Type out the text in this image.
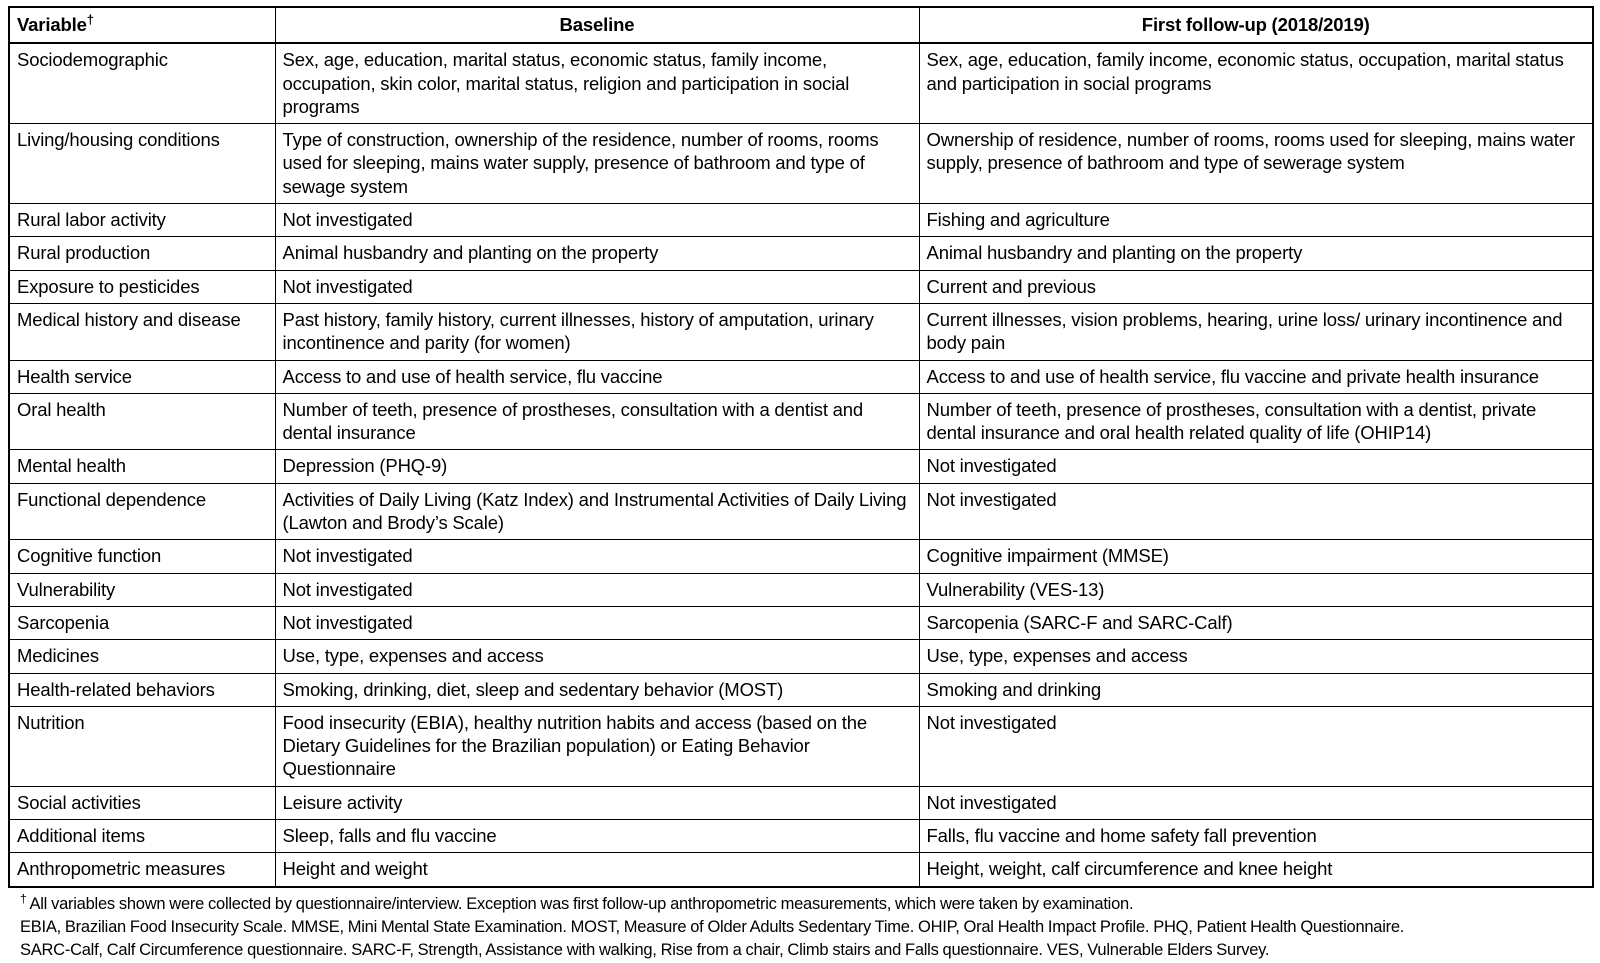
Variable†	Baseline	First follow-up (2018/2019)
Sociodemographic	Sex, age, education, marital status, economic status, family income, occupation, skin color, marital status, religion and participation in social programs	Sex, age, education, family income, economic status, occupation, marital status and participation in social programs
Living/housing conditions	Type of construction, ownership of the residence, number of rooms, rooms used for sleeping, mains water supply, presence of bathroom and type of sewage system	Ownership of residence, number of rooms, rooms used for sleeping, mains water supply, presence of bathroom and type of sewerage system
Rural labor activity	Not investigated	Fishing and agriculture
Rural production	Animal husbandry and planting on the property	Animal husbandry and planting on the property
Exposure to pesticides	Not investigated	Current and previous
Medical history and disease	Past history, family history, current illnesses, history of amputation, urinary incontinence and parity (for women)	Current illnesses, vision problems, hearing, urine loss/ urinary incontinence and body pain
Health service	Access to and use of health service, flu vaccine	Access to and use of health service, flu vaccine and private health insurance
Oral health	Number of teeth, presence of prostheses, consultation with a dentist and dental insurance	Number of teeth, presence of prostheses, consultation with a dentist, private dental insurance and oral health related quality of life (OHIP14)
Mental health	Depression (PHQ-9)	Not investigated
Functional dependence	Activities of Daily Living (Katz Index) and Instrumental Activities of Daily Living (Lawton and Brody’s Scale)	Not investigated
Cognitive function	Not investigated	Cognitive impairment (MMSE)
Vulnerability	Not investigated	Vulnerability (VES-13)
Sarcopenia	Not investigated	Sarcopenia (SARC-F and SARC-Calf)
Medicines	Use, type, expenses and access	Use, type, expenses and access
Health-related behaviors	Smoking, drinking, diet, sleep and sedentary behavior (MOST)	Smoking and drinking
Nutrition	Food insecurity (EBIA), healthy nutrition habits and access (based on the Dietary Guidelines for the Brazilian population) or Eating Behavior Questionnaire	Not investigated
Social activities	Leisure activity	Not investigated
Additional items	Sleep, falls and flu vaccine	Falls, flu vaccine and home safety fall prevention
Anthropometric measures	Height and weight	Height, weight, calf circumference and knee height
† All variables shown were collected by questionnaire/interview. Exception was first follow-up anthropometric measurements, which were taken by examination.
EBIA, Brazilian Food Insecurity Scale. MMSE, Mini Mental State Examination. MOST, Measure of Older Adults Sedentary Time. OHIP, Oral Health Impact Profile. PHQ, Patient Health Questionnaire.
SARC-Calf, Calf Circumference questionnaire. SARC-F, Strength, Assistance with walking, Rise from a chair, Climb stairs and Falls questionnaire. VES, Vulnerable Elders Survey.
